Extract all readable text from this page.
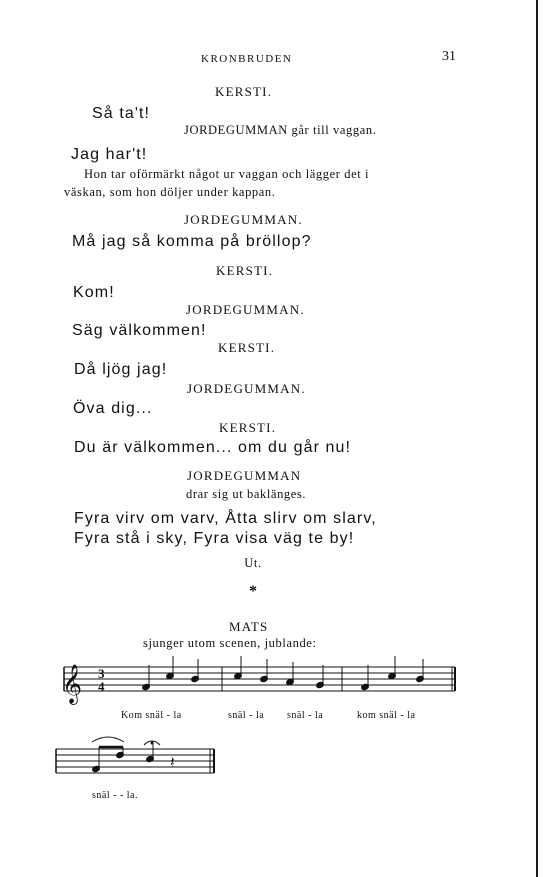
KRONBRUDEN	31
KERSTI.
Så ta't!
JORDEGUMMAN går till vaggan.
Jag har't!
Hon tar oförmärkt något ur vaggan och lägger det i
väskan, som hon döljer under kappan.
JORDEGUMMAN.
Må jag så komma på bröllop?
KERSTI.
Kom!
JORDEGUMMAN.
Säg välkommen!
KERSTI.
Då ljög jag!
JORDEGUMMAN.
Öva dig...
KERSTI.
Du är välkommen... om du går nu!
JORDEGUMMAN
drar sig ut baklänges.
Fyra virv om varv, Åtta slirv om slarv,
Fyra stå i sky, Fyra visa väg te by!
Ut.
*
MATS
sjunger utom scenen, jublande:
𝄞 3
4
𝄽
Kom snäl - la	snäl - la snäl - la	kom snäl - la
snäl - - la.
